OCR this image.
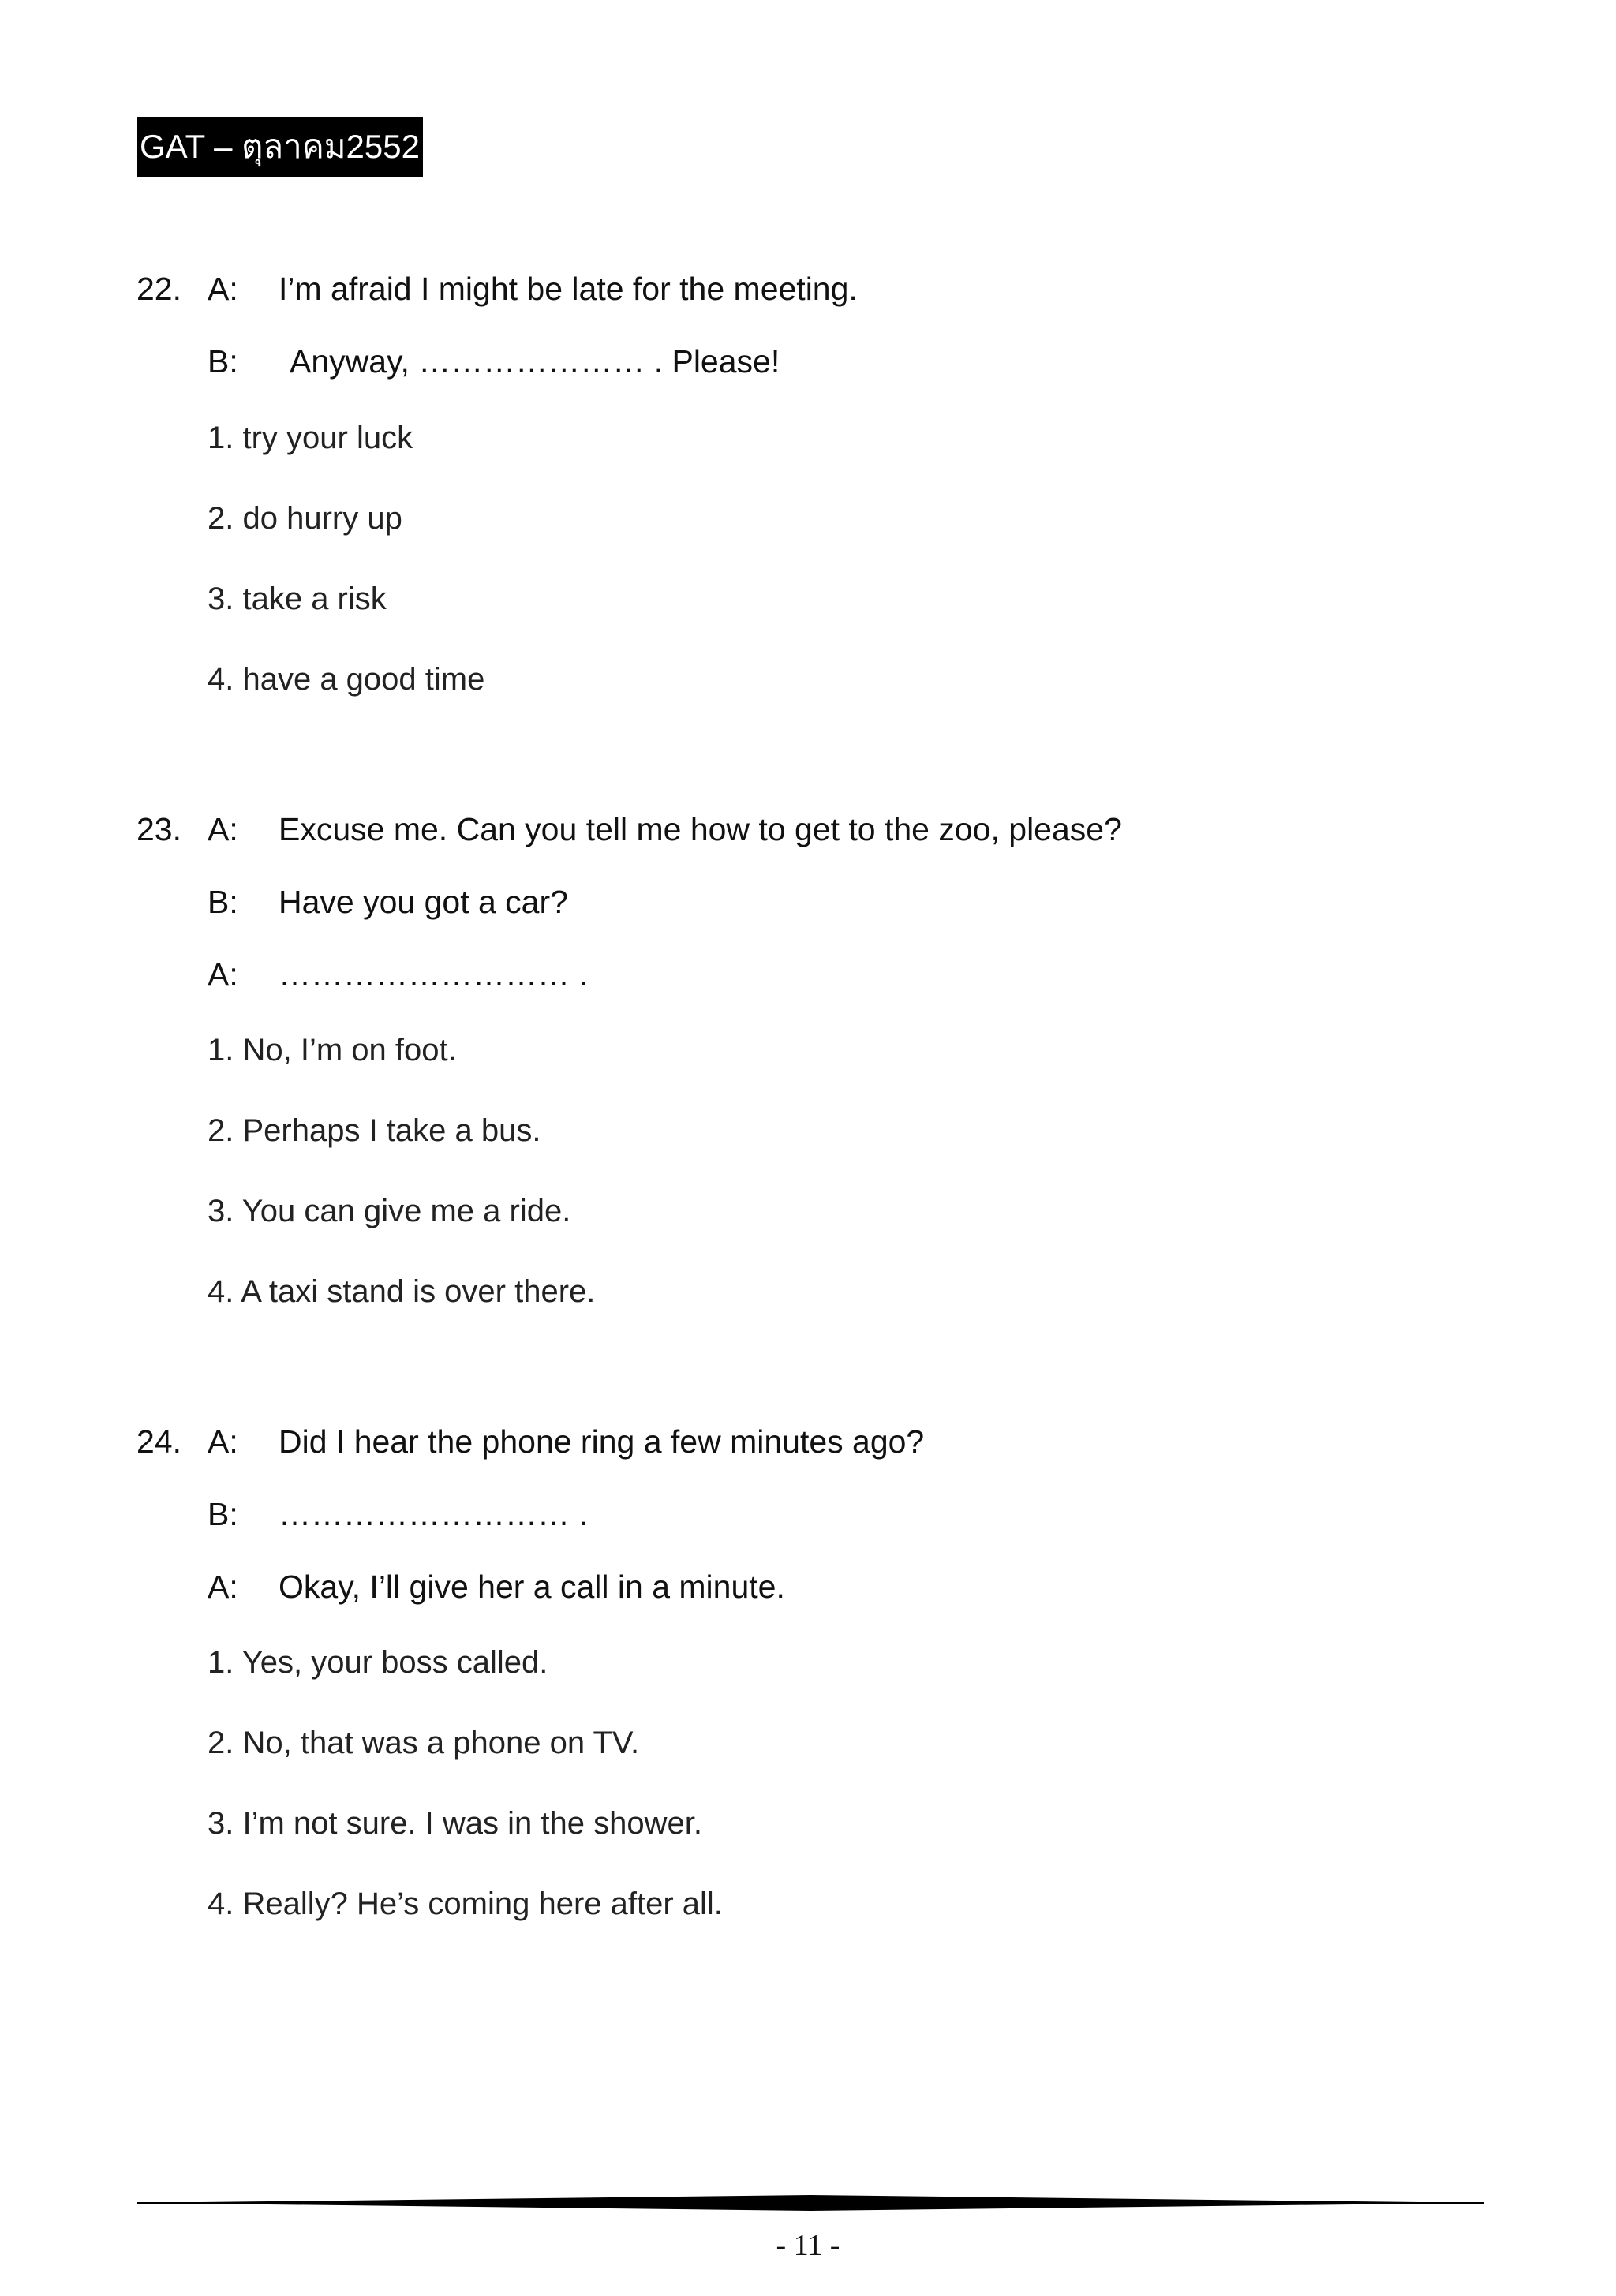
GAT – ตุลาคม2552
22. A: I’m afraid I might be late for the meeting.
B: Anyway, ………………… . Please!
1. try your luck
2. do hurry up
3. take a risk
4. have a good time
23. A: Excuse me. Can you tell me how to get to the zoo, please?
B: Have you got a car?
A: ……………………… .
1. No, I’m on foot.
2. Perhaps I take a bus.
3. You can give me a ride.
4. A taxi stand is over there.
24. A: Did I hear the phone ring a few minutes ago?
B: ……………………… .
A: Okay, I’ll give her a call in a minute.
1. Yes, your boss called.
2. No, that was a phone on TV.
3. I’m not sure. I was in the shower.
4. Really? He’s coming here after all.
- 11 -
